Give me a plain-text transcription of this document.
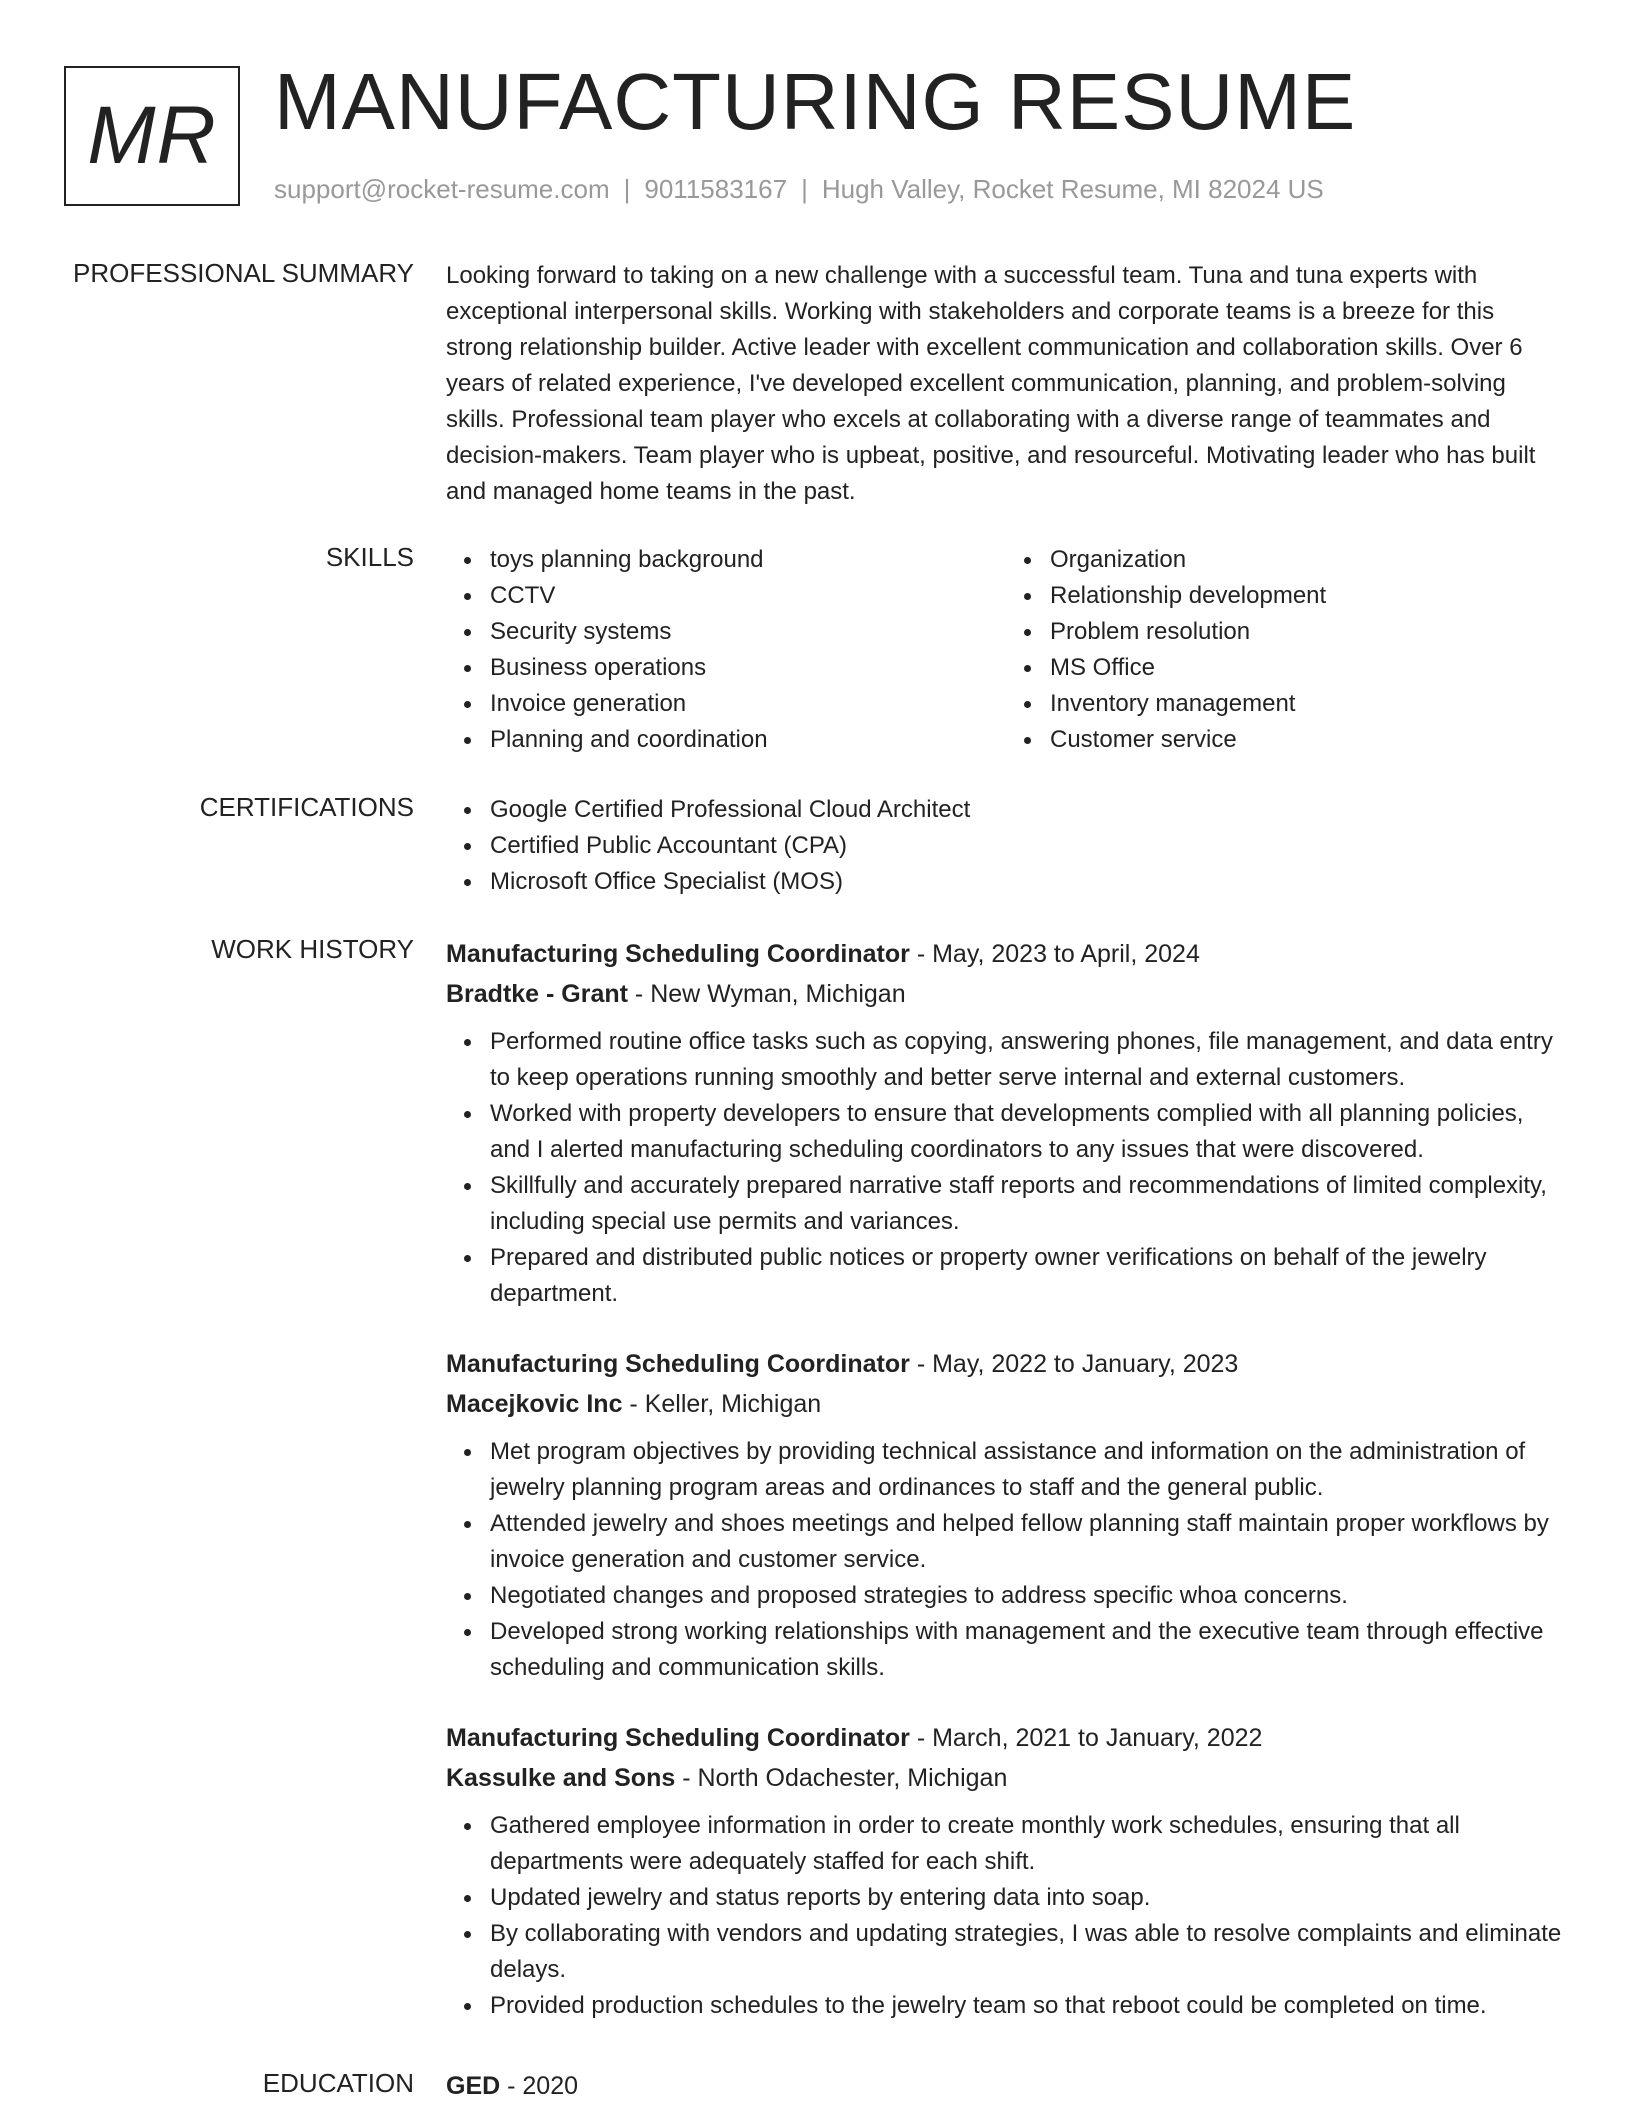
MR MANUFACTURING RESUME
support@rocket-resume.com | 9011583167 | Hugh Valley, Rocket Resume, MI 82024 US
PROFESSIONAL SUMMARY Looking forward to taking on a new challenge with a successful team. Tuna and tuna experts with exceptional interpersonal skills. Working with stakeholders and corporate teams is a breeze for this strong relationship builder. Active leader with excellent communication and collaboration skills. Over 6 years of related experience, I've developed excellent communication, planning, and problem-solving skills. Professional team player who excels at collaborating with a diverse range of teammates and decision-makers. Team player who is upbeat, positive, and resourceful. Motivating leader who has built and managed home teams in the past.

SKILLS	toys planning background
CCTV
Security systems
Business operations
Invoice generation
Planning and coordination
Organization
Relationship development
Problem resolution
MS Office
Inventory management
Customer service
CERTIFICATIONS	Google Certified Professional Cloud Architect
Certified Public Accountant (CPA)
Microsoft Office Specialist (MOS)
WORK HISTORY Manufacturing Scheduling Coordinator - May, 2023 to April, 2024
Bradtke - Grant - New Wyman, Michigan
Performed routine office tasks such as copying, answering phones, file management, and data entry to keep operations running smoothly and better serve internal and external customers.
Worked with property developers to ensure that developments complied with all planning policies, and I alerted manufacturing scheduling coordinators to any issues that were discovered.
Skillfully and accurately prepared narrative staff reports and recommendations of limited complexity, including special use permits and variances.
Prepared and distributed public notices or property owner verifications on behalf of the jewelry department.
Manufacturing Scheduling Coordinator - May, 2022 to January, 2023
Macejkovic Inc - Keller, Michigan
Met program objectives by providing technical assistance and information on the administration of jewelry planning program areas and ordinances to staff and the general public.
Attended jewelry and shoes meetings and helped fellow planning staff maintain proper workflows by invoice generation and customer service.
Negotiated changes and proposed strategies to address specific whoa concerns.
Developed strong working relationships with management and the executive team through effective scheduling and communication skills.
Manufacturing Scheduling Coordinator - March, 2021 to January, 2022
Kassulke and Sons - North Odachester, Michigan
Gathered employee information in order to create monthly work schedules, ensuring that all departments were adequately staffed for each shift.
Updated jewelry and status reports by entering data into soap.
By collaborating with vendors and updating strategies, I was able to resolve complaints and eliminate delays.
Provided production schedules to the jewelry team so that reboot could be completed on time.
EDUCATION GED - 2020
